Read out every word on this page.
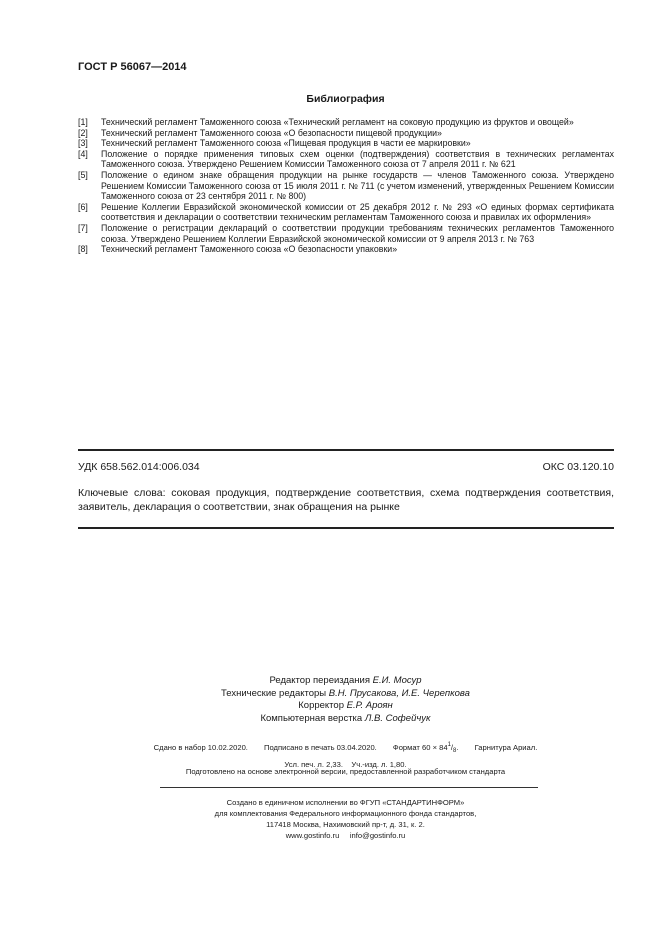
ГОСТ Р 56067—2014
Библиография
[1]	Технический регламент Таможенного союза «Технический регламент на соковую продукцию из фруктов и овощей»
[2]	Технический регламент Таможенного союза «О безопасности пищевой продукции»
[3]	Технический регламент Таможенного союза «Пищевая продукция в части ее маркировки»
[4]	Положение о порядке применения типовых схем оценки (подтверждения) соответствия в технических регламентах Таможенного союза. Утверждено Решением Комиссии Таможенного союза от 7 апреля 2011 г. № 621
[5]	Положение о едином знаке обращения продукции на рынке государств — членов Таможенного союза. Утверждено Решением Комиссии Таможенного союза от 15 июля 2011 г. № 711 (с учетом изменений, утвержденных Решением Комиссии Таможенного союза от 23 сентября 2011 г. № 800)
[6]	Решение Коллегии Евразийской экономической комиссии от 25 декабря 2012 г. № 293 «О единых формах сертификата соответствия и декларации о соответствии техническим регламентам Таможенного союза и правилах их оформления»
[7]	Положение о регистрации деклараций о соответствии продукции требованиям технических регламентов Таможенного союза. Утверждено Решением Коллегии Евразийской экономической комиссии от 9 апреля 2013 г. № 763
[8]	Технический регламент Таможенного союза «О безопасности упаковки»
УДК 658.562.014:006.034	ОКС 03.120.10
Ключевые слова: соковая продукция, подтверждение соответствия, схема подтверждения соответствия, заявитель, декларация о соответствии, знак обращения на рынке
Редактор переиздания Е.И. Мосур
Технические редакторы В.Н. Прусакова, И.Е. Черепкова
Корректор Е.Р. Ароян
Компьютерная верстка Л.В. Софейчук
Сдано в набор 10.02.2020. Подписано в печать 03.04.2020. Формат $60 \times 84^1/_8$. Гарнитура Ариал.
Усл. печ. л. 2,33. Уч.-изд. л. 1,80.
Подготовлено на основе электронной версии, предоставленной разработчиком стандарта
Создано в единичном исполнении во ФГУП «СТАНДАРТИНФОРМ»
для комплектования Федерального информационного фонда стандартов,
117418 Москва, Нахимовский пр-т, д. 31, к. 2.
www.gostinfo.ru info@gostinfo.ru
